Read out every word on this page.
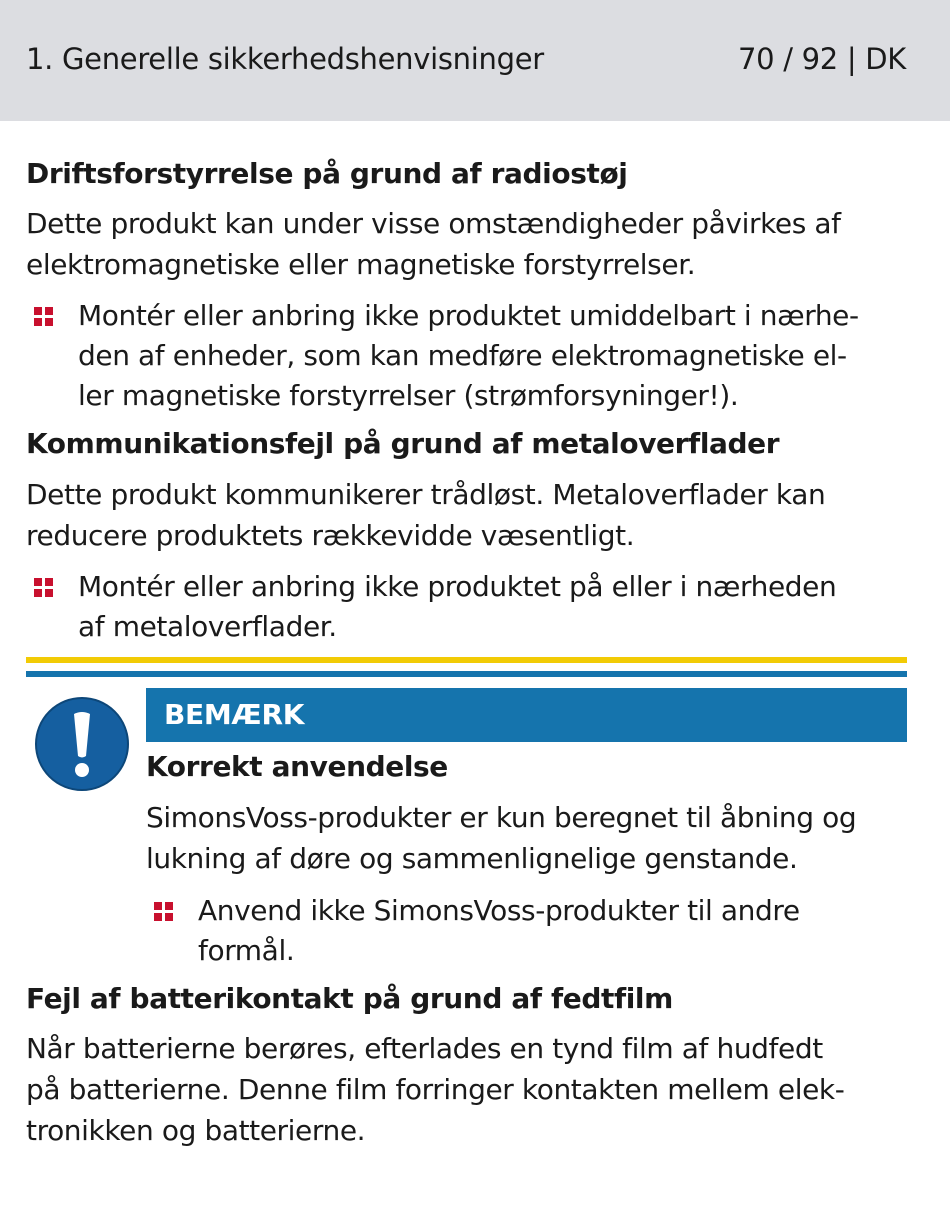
1. Generelle sikkerhedshenvisninger	70 / 92 | DK
Driftsforstyrrelse på grund af radiostøj
Dette produkt kan under visse omstændigheder påvirkes af
elektromagnetiske eller magnetiske forstyrrelser.
Montér eller anbring ikke produktet umiddelbart i nærhe-
den af enheder, som kan medføre elektromagnetiske el-
ler magnetiske forstyrrelser (strømforsyninger!).
Kommunikationsfejl på grund af metaloverflader
Dette produkt kommunikerer trådløst. Metaloverflader kan
reducere produktets rækkevidde væsentligt.
Montér eller anbring ikke produktet på eller i nærheden
af metaloverflader.
BEMÆRK
Korrekt anvendelse
SimonsVoss-produkter er kun beregnet til åbning og
lukning af døre og sammenlignelige genstande.
Anvend ikke SimonsVoss-produkter til andre
formål.
Fejl af batterikontakt på grund af fedtfilm
Når batterierne berøres, efterlades en tynd film af hudfedt
på batterierne. Denne film forringer kontakten mellem elek-
tronikken og batterierne.
